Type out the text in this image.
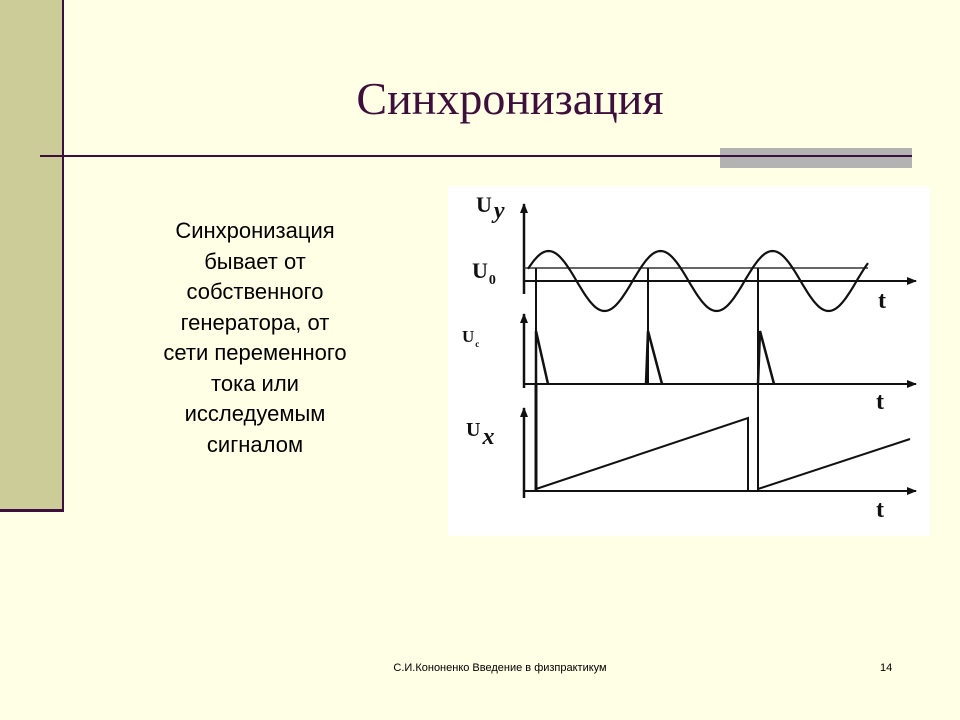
Синхронизация
Синхронизация
бывает от
собственного
генератора, от
сети переменного
тока или
исследуемым
сигналом
Uy
$U_0$
$U_c$
Ux
t
t
t
С.И.Кононенко Введение в физпрактикум	14
